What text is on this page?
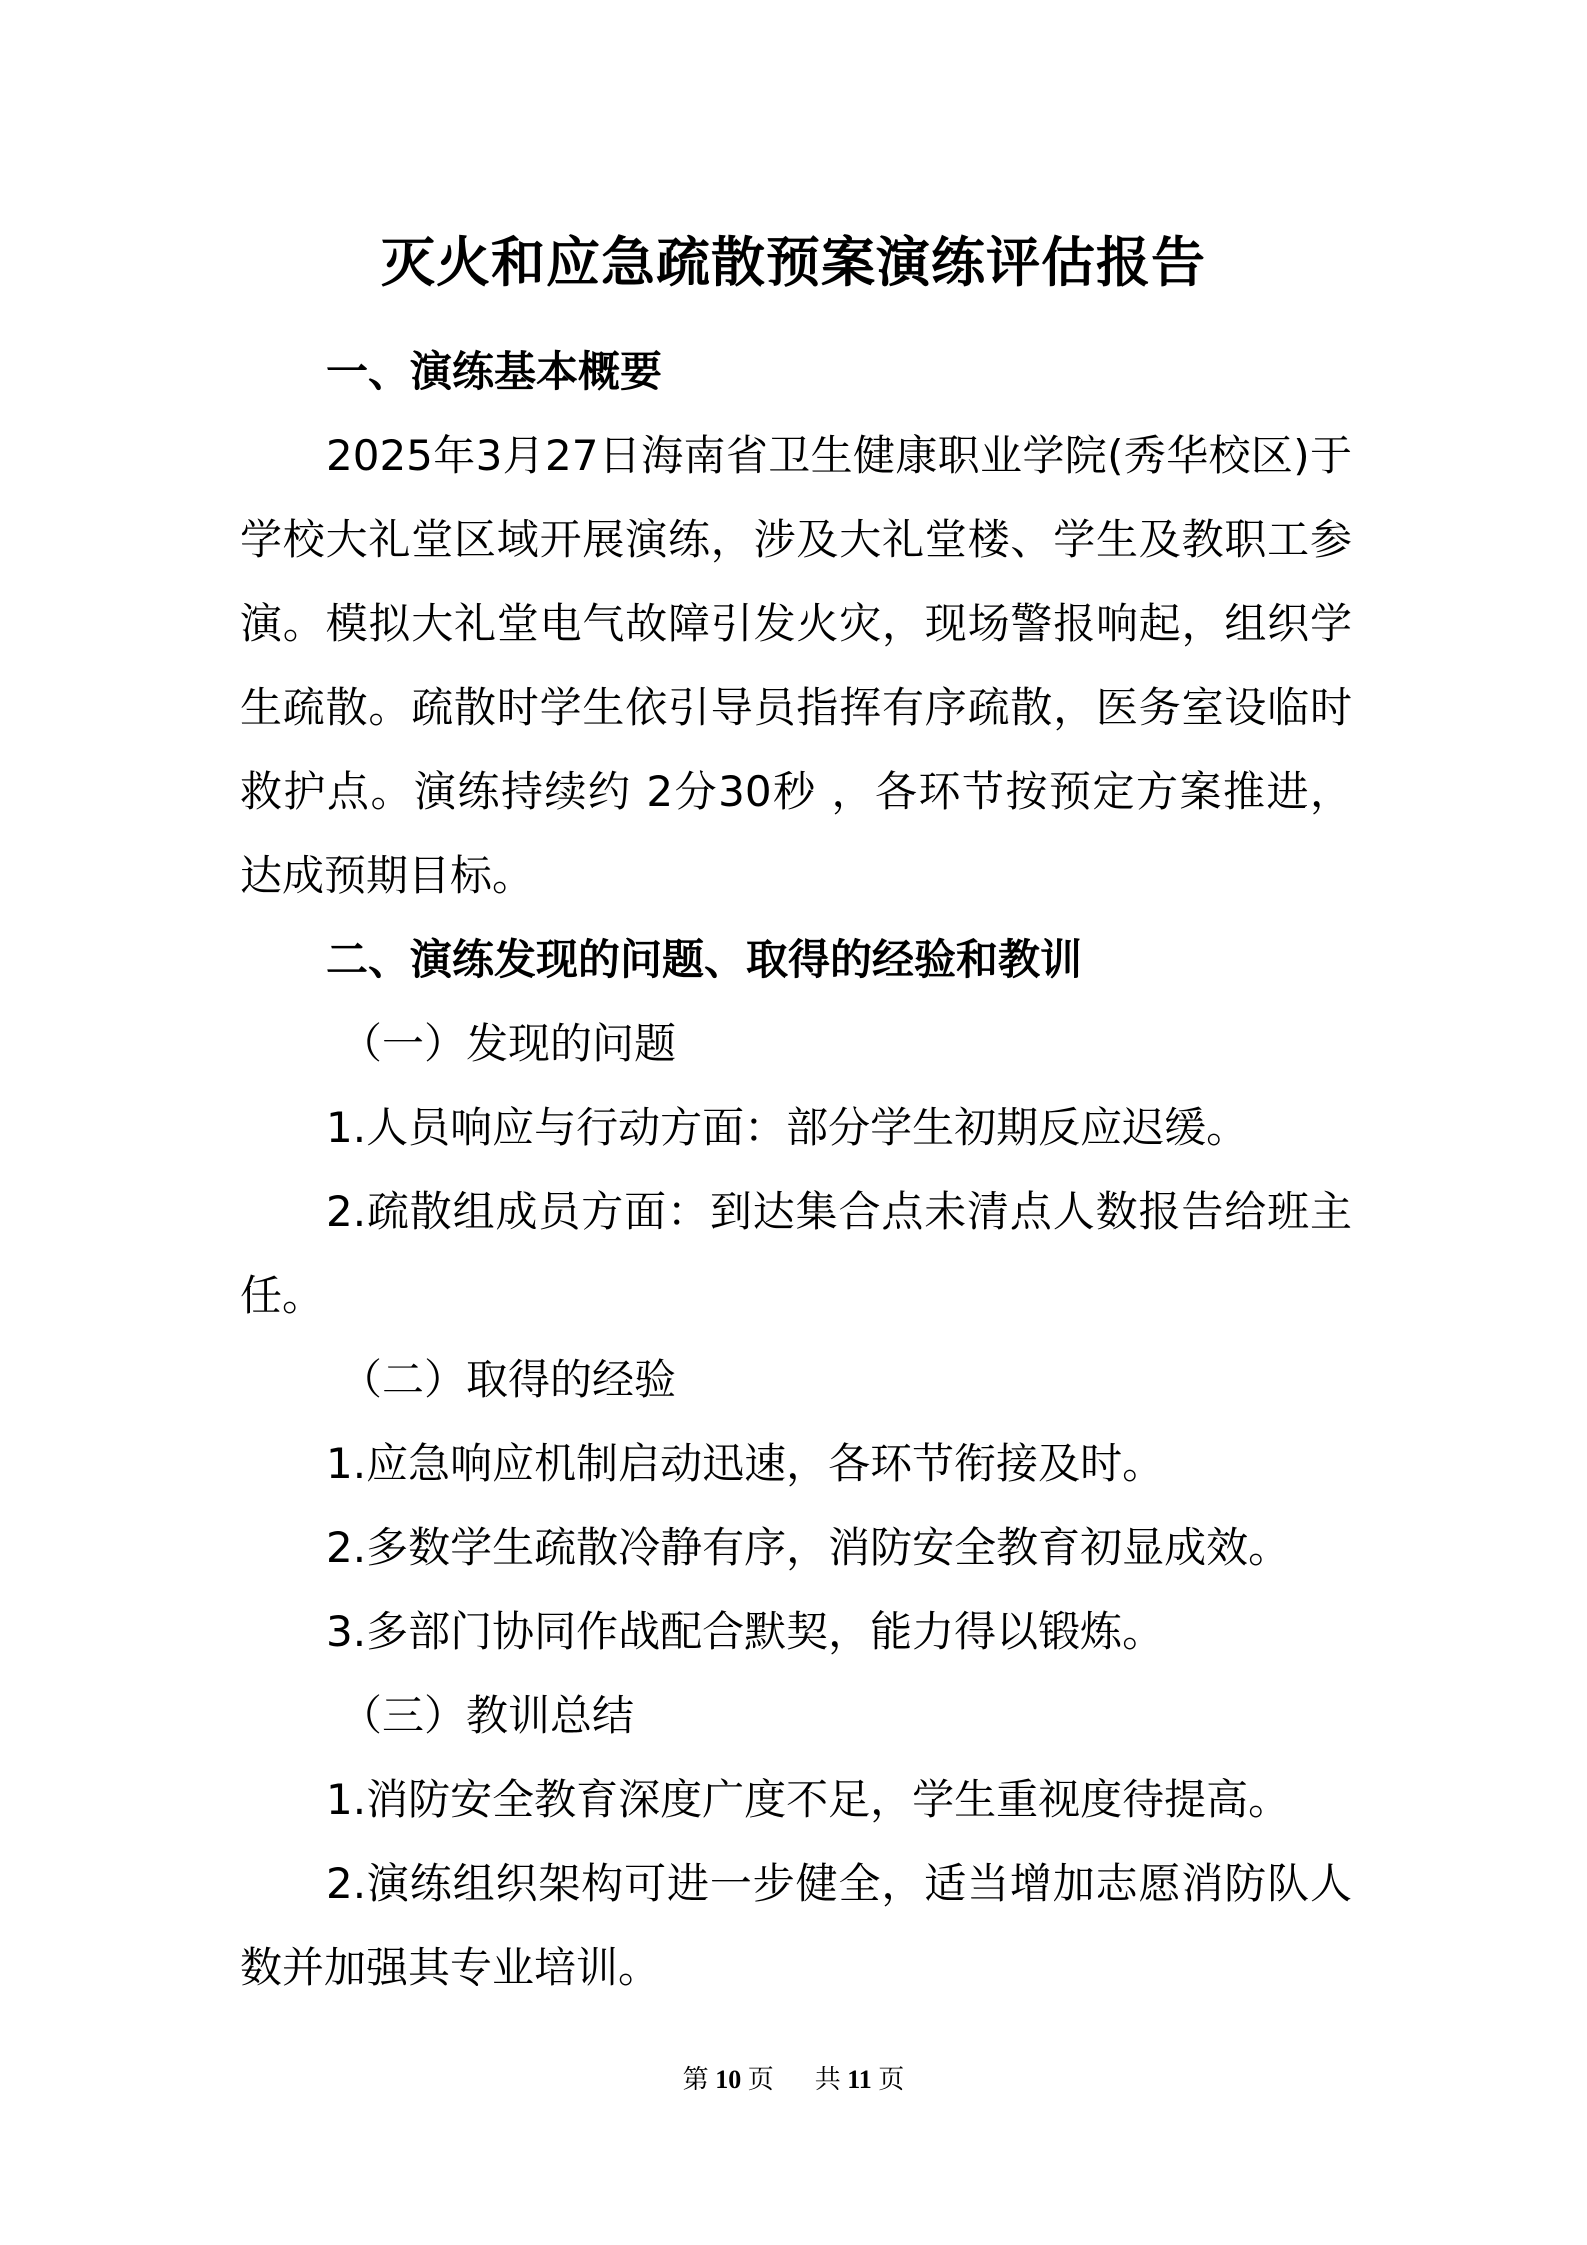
灭火和应急疏散预案演练评估报告

一、演练基本概要

2025年3月27日海南省卫生健康职业学院(秀华校区)于学校大礼堂区域开展演练，涉及大礼堂楼、学生及教职工参演。模拟大礼堂电气故障引发火灾，现场警报响起，组织学生疏散。疏散时学生依引导员指挥有序疏散，医务室设临时救护点。演练持续约 2分30秒 ，各环节按预定方案推进，达成预期目标。

二、演练发现的问题、取得的经验和教训

（一）发现的问题

1.人员响应与行动方面：部分学生初期反应迟缓。

2.疏散组成员方面：到达集合点未清点人数报告给班主任。

（二）取得的经验

1.应急响应机制启动迅速，各环节衔接及时。

2.多数学生疏散冷静有序，消防安全教育初显成效。

3.多部门协同作战配合默契，能力得以锻炼。

（三）教训总结

1.消防安全教育深度广度不足，学生重视度待提高。

2.演练组织架构可进一步健全，适当增加志愿消防队人数并加强其专业培训。

第 10 页 共 11 页
